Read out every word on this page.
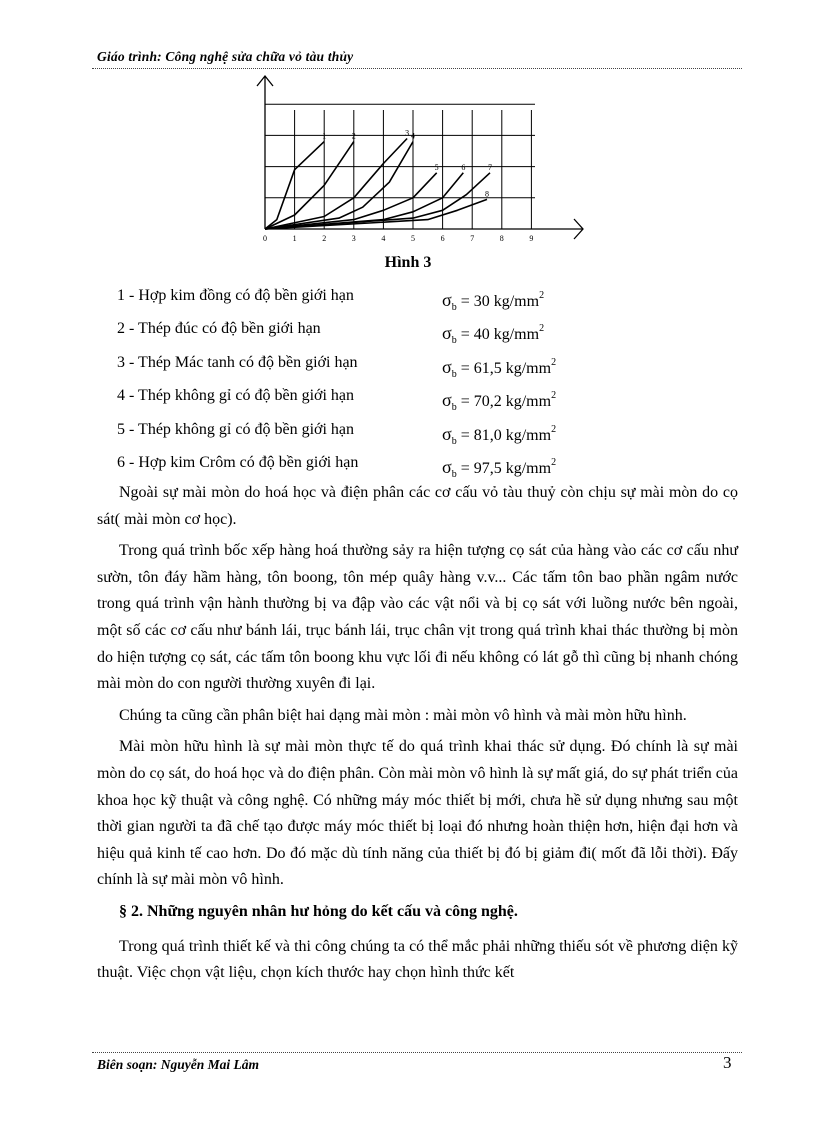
Giáo trình: Công nghệ sửa chữa vỏ tàu thủy
1	2	3 4
5	6	7
8
0	1	2	3	4	5	6	7	8	9
Hình 3
1 - Hợp kim đồng có độ bền giới hạn	$\sigma_b = 30$ $kg/mm^2$
2 - Thép đúc có độ bền giới hạn	$\sigma_b = 40$ $kg/mm^2$
3 - Thép Mác tanh có độ bền giới hạn	$\sigma_b = 61,5$ $kg/mm^2$
4 - Thép không gỉ có độ bền giới hạn	$\sigma_b = 70,2$ $kg/mm^2$
5 - Thép không gỉ có độ bền giới hạn	$\sigma_b = 81,0$ $kg/mm^2$
6 - Hợp kim Crôm có độ bền giới hạn	$\sigma_b = 97,5$ $kg/mm^2$

Ngoài sự mài mòn do hoá học và điện phân các cơ cấu vỏ tàu thuỷ còn chịu sự mài mòn do cọ sát( mài mòn cơ học).

Trong quá trình bốc xếp hàng hoá thường sảy ra hiện tượng cọ sát của hàng vào các cơ cấu như sườn, tôn đáy hầm hàng, tôn boong, tôn mép quây hàng v.v... Các tấm tôn bao phần ngâm nước trong quá trình vận hành thường bị va đập vào các vật nổi và bị cọ sát với luồng nước bên ngoài, một số các cơ cấu như bánh lái, trục bánh lái, trục chân vịt trong quá trình khai thác thường bị mòn do hiện tượng cọ sát, các tấm tôn boong khu vực lối đi nếu không có lát gỗ thì cũng bị nhanh chóng mài mòn do con người thường xuyên đi lại.

Chúng ta cũng cần phân biệt hai dạng mài mòn : mài mòn vô hình và mài mòn hữu hình.

Mài mòn hữu hình là sự mài mòn thực tế do quá trình khai thác sử dụng. Đó chính là sự mài mòn do cọ sát, do hoá học và do điện phân. Còn mài mòn vô hình là sự mất giá, do sự phát triển của khoa học kỹ thuật và công nghệ. Có những máy móc thiết bị mới, chưa hề sử dụng nhưng sau một thời gian người ta đã chế tạo được máy móc thiết bị loại đó nhưng hoàn thiện hơn, hiện đại hơn và hiệu quả kinh tế cao hơn. Do đó mặc dù tính năng của thiết bị đó bị giảm đi( mốt đã lỗi thời). Đấy chính là sự mài mòn vô hình.

§ 2. Những nguyên nhân hư hỏng do kết cấu và công nghệ.

Trong quá trình thiết kế và thi công chúng ta có thể mắc phải những thiếu sót về phương diện kỹ thuật. Việc chọn vật liệu, chọn kích thước hay chọn hình thức kết

Biên soạn: Nguyễn Mai Lâm	3
